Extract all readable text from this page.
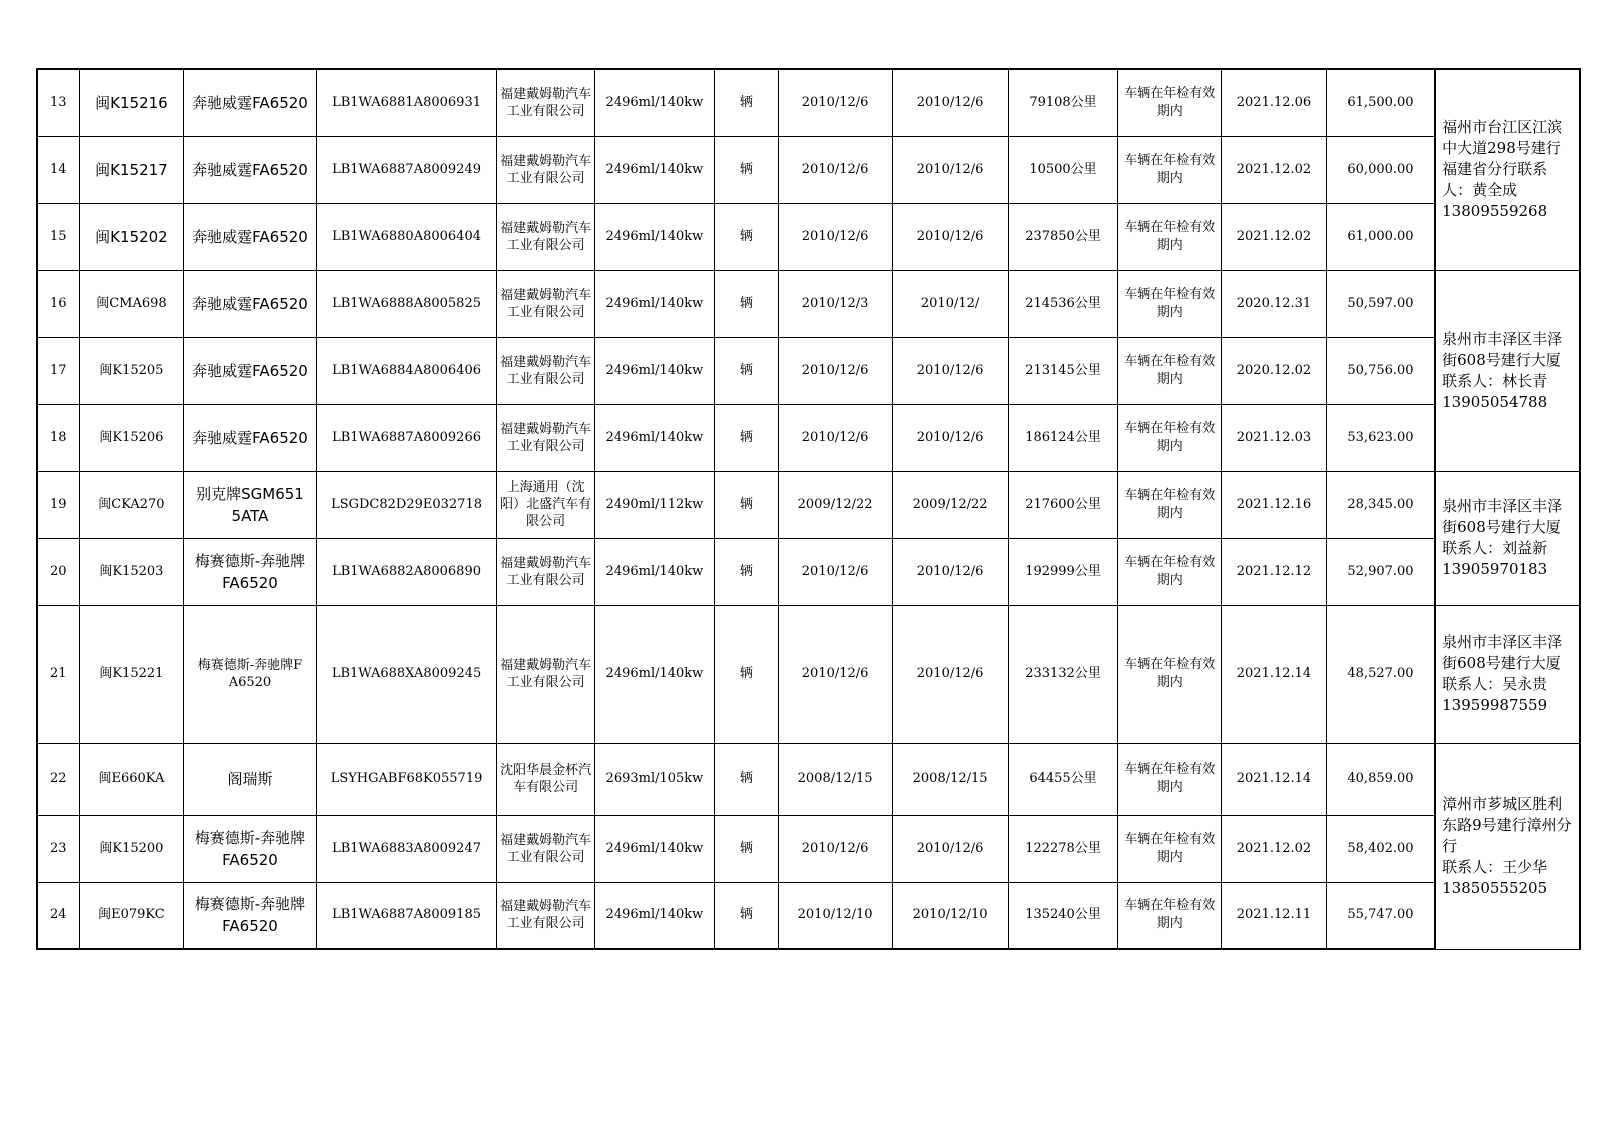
13	闽K15216	奔驰威霆FA6520	LB1WA6881A8006931	福建戴姆勒汽车工业有限公司	2496ml/140kw	辆	2010/12/6	2010/12/6	79108公里	车辆在年检有效期内	2021.12.06	61,500.00	福州市台江区江滨中大道298号建行福建省分行联系人：黄全成
13809559268
14	闽K15217	奔驰威霆FA6520	LB1WA6887A8009249	福建戴姆勒汽车工业有限公司	2496ml/140kw	辆	2010/12/6	2010/12/6	10500公里	车辆在年检有效期内	2021.12.02	60,000.00	
15	闽K15202	奔驰威霆FA6520	LB1WA6880A8006404	福建戴姆勒汽车工业有限公司	2496ml/140kw	辆	2010/12/6	2010/12/6	237850公里	车辆在年检有效期内	2021.12.02	61,000.00	
16	闽CMA698	奔驰威霆FA6520	LB1WA6888A8005825	福建戴姆勒汽车工业有限公司	2496ml/140kw	辆	2010/12/3	2010/12/	214536公里	车辆在年检有效期内	2020.12.31	50,597.00	泉州市丰泽区丰泽街608号建行大厦
联系人：林长青
13905054788
17	闽K15205	奔驰威霆FA6520	LB1WA6884A8006406	福建戴姆勒汽车工业有限公司	2496ml/140kw	辆	2010/12/6	2010/12/6	213145公里	车辆在年检有效期内	2020.12.02	50,756.00	
18	闽K15206	奔驰威霆FA6520	LB1WA6887A8009266	福建戴姆勒汽车工业有限公司	2496ml/140kw	辆	2010/12/6	2010/12/6	186124公里	车辆在年检有效期内	2021.12.03	53,623.00	
19	闽CKA270	别克牌SGM6515ATA	LSGDC82D29E032718	上海通用（沈阳）北盛汽车有限公司	2490ml/112kw	辆	2009/12/22	2009/12/22	217600公里	车辆在年检有效期内	2021.12.16	28,345.00	泉州市丰泽区丰泽街608号建行大厦
联系人：刘益新
13905970183
20	闽K15203	梅赛德斯-奔驰牌FA6520	LB1WA6882A8006890	福建戴姆勒汽车工业有限公司	2496ml/140kw	辆	2010/12/6	2010/12/6	192999公里	车辆在年检有效期内	2021.12.12	52,907.00	
21	闽K15221	梅赛德斯-奔驰牌FA6520	LB1WA688XA8009245	福建戴姆勒汽车工业有限公司	2496ml/140kw	辆	2010/12/6	2010/12/6	233132公里	车辆在年检有效期内	2021.12.14	48,527.00	泉州市丰泽区丰泽街608号建行大厦
联系人：吴永贵
13959987559
22	闽E660KA	阁瑞斯	LSYHGABF68K055719	沈阳华晨金杯汽车有限公司	2693ml/105kw	辆	2008/12/15	2008/12/15	64455公里	车辆在年检有效期内	2021.12.14	40,859.00	漳州市芗城区胜利东路9号建行漳州分行
联系人：王少华
13850555205
23	闽K15200	梅赛德斯-奔驰牌FA6520	LB1WA6883A8009247	福建戴姆勒汽车工业有限公司	2496ml/140kw	辆	2010/12/6	2010/12/6	122278公里	车辆在年检有效期内	2021.12.02	58,402.00	
24	闽E079KC	梅赛德斯-奔驰牌FA6520	LB1WA6887A8009185	福建戴姆勒汽车工业有限公司	2496ml/140kw	辆	2010/12/10	2010/12/10	135240公里	车辆在年检有效期内	2021.12.11	55,747.00	
